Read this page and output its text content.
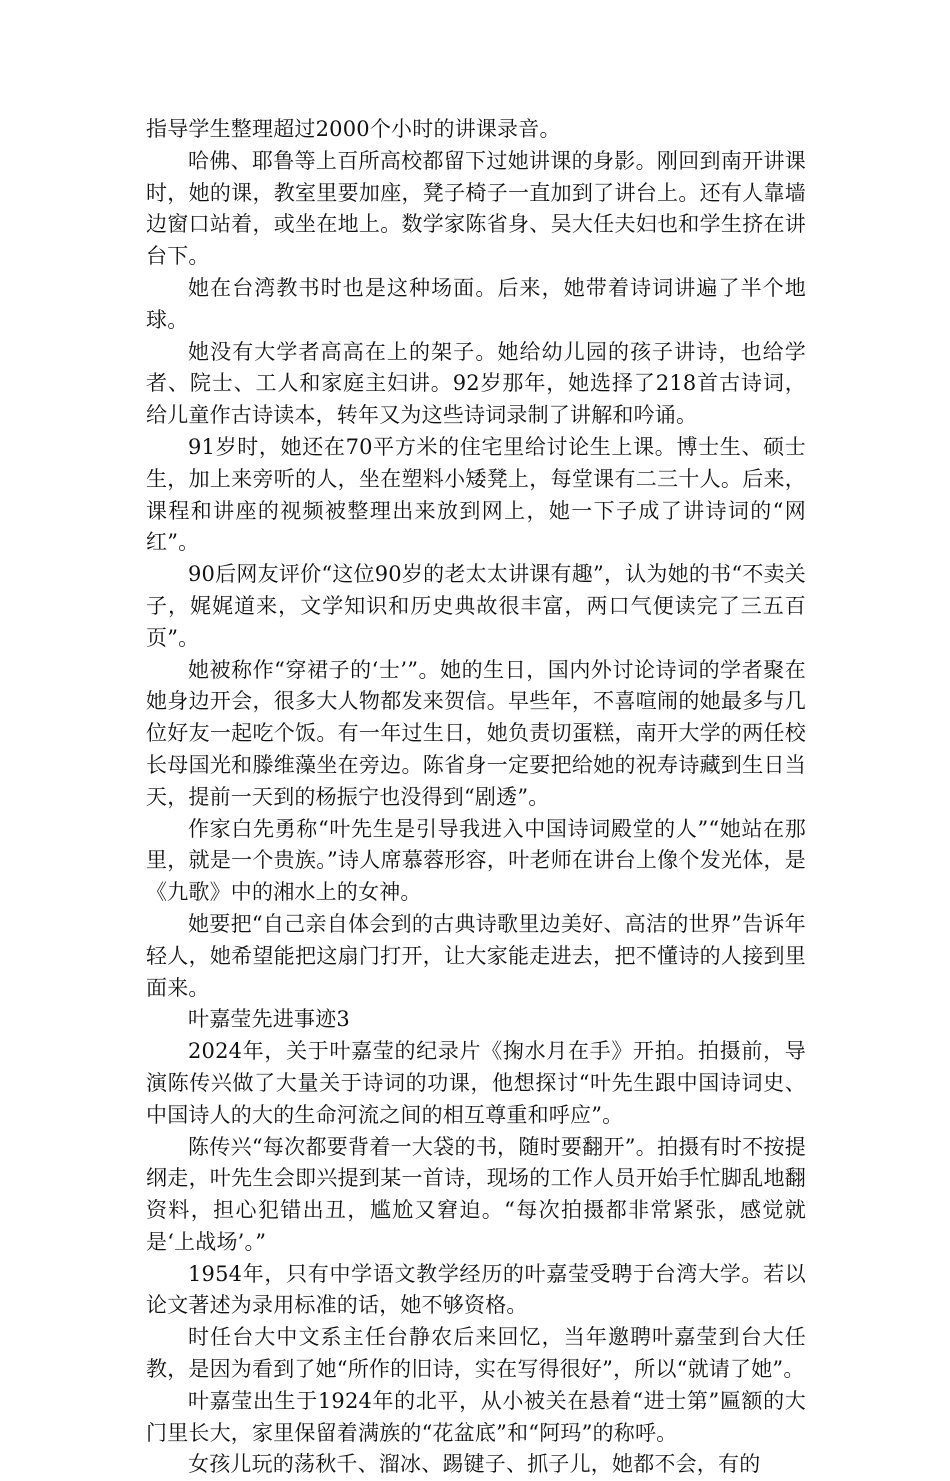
指导学生整理超过2000个小时的讲课录音。

哈佛、耶鲁等上百所高校都留下过她讲课的身影。刚回到南开讲课时，她的课，教室里要加座，凳子椅子一直加到了讲台上。还有人靠墙边窗口站着，或坐在地上。数学家陈省身、吴大任夫妇也和学生挤在讲台下。

她在台湾教书时也是这种场面。后来，她带着诗词讲遍了半个地球。

她没有大学者高高在上的架子。她给幼儿园的孩子讲诗，也给学者、院士、工人和家庭主妇讲。92岁那年，她选择了218首古诗词，给儿童作古诗读本，转年又为这些诗词录制了讲解和吟诵。

91岁时，她还在70平方米的住宅里给讨论生上课。博士生、硕士生，加上来旁听的人，坐在塑料小矮凳上，每堂课有二三十人。后来，课程和讲座的视频被整理出来放到网上，她一下子成了讲诗词的“网红”。

90后网友评价“这位90岁的老太太讲课有趣”，认为她的书“不卖关子，娓娓道来，文学知识和历史典故很丰富，两口气便读完了三五百页”。

她被称作“穿裙子的‘士’”。她的生日，国内外讨论诗词的学者聚在她身边开会，很多大人物都发来贺信。早些年，不喜喧闹的她最多与几位好友一起吃个饭。有一年过生日，她负责切蛋糕，南开大学的两任校长母国光和滕维藻坐在旁边。陈省身一定要把给她的祝寿诗藏到生日当天，提前一天到的杨振宁也没得到“剧透”。

作家白先勇称“叶先生是引导我进入中国诗词殿堂的人”“她站在那里，就是一个贵族。”诗人席慕蓉形容，叶老师在讲台上像个发光体，是《九歌》中的湘水上的女神。

她要把“自己亲自体会到的古典诗歌里边美好、高洁的世界”告诉年轻人，她希望能把这扇门打开，让大家能走进去，把不懂诗的人接到里面来。

叶嘉莹先进事迹3

2024年，关于叶嘉莹的纪录片《掬水月在手》开拍。拍摄前，导演陈传兴做了大量关于诗词的功课，他想探讨“叶先生跟中国诗词史、中国诗人的大的生命河流之间的相互尊重和呼应”。

陈传兴“每次都要背着一大袋的书，随时要翻开”。拍摄有时不按提纲走，叶先生会即兴提到某一首诗，现场的工作人员开始手忙脚乱地翻资料，担心犯错出丑，尴尬又窘迫。“每次拍摄都非常紧张，感觉就是‘上战场’。”

1954年，只有中学语文教学经历的叶嘉莹受聘于台湾大学。若以论文著述为录用标准的话，她不够资格。

时任台大中文系主任台静农后来回忆，当年邀聘叶嘉莹到台大任教，是因为看到了她“所作的旧诗，实在写得很好”，所以“就请了她”。

叶嘉莹出生于1924年的北平，从小被关在悬着“进士第”匾额的大门里长大，家里保留着满族的“花盆底”和“阿玛”的称呼。

女孩儿玩的荡秋千、溜冰、踢键子、抓子儿，她都不会，有的
